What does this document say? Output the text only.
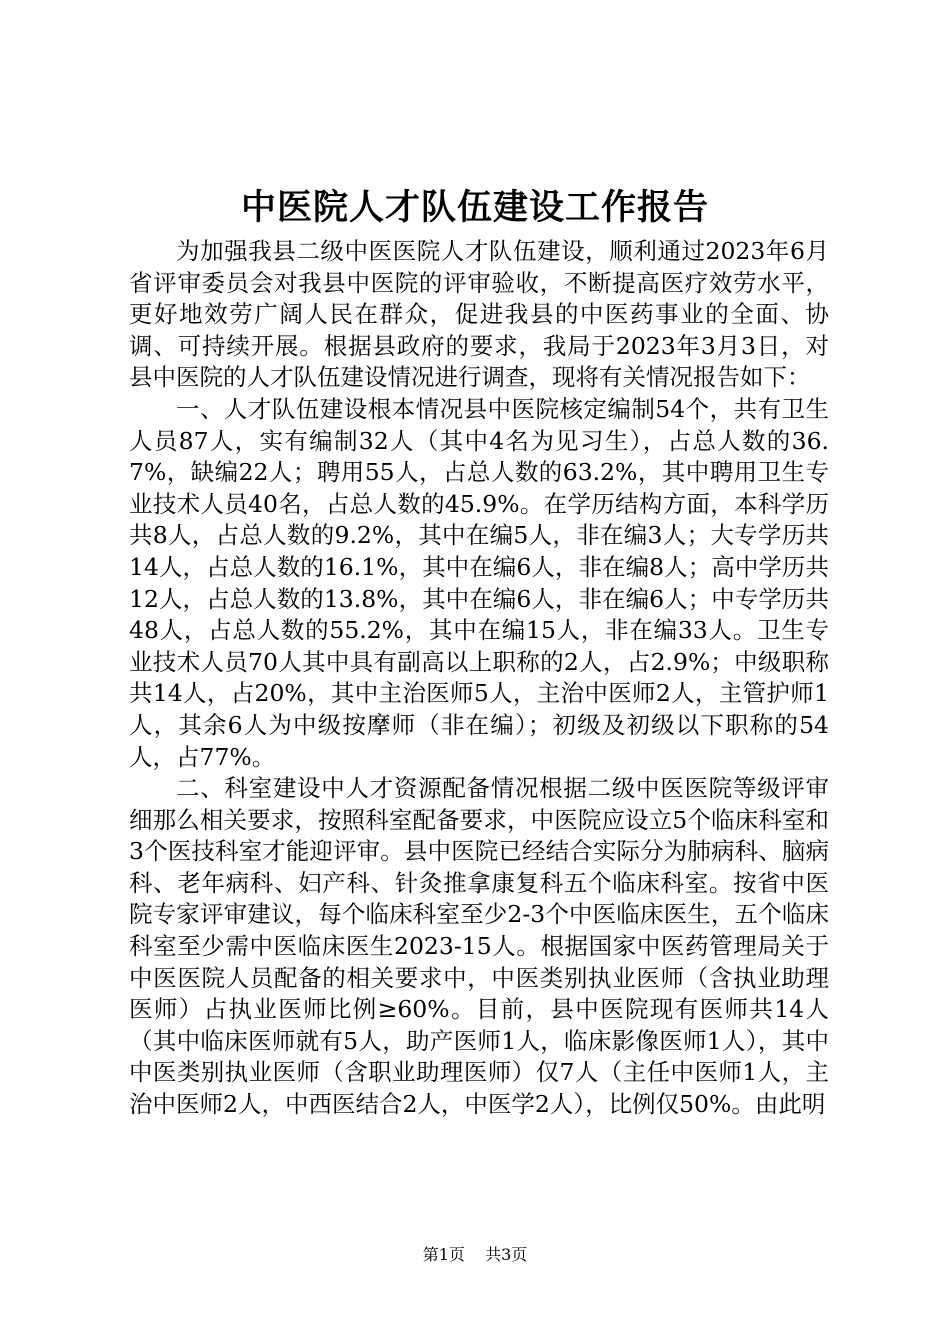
中医院人才队伍建设工作报告

为加强我县二级中医医院人才队伍建设，顺利通过2023年6月省评审委员会对我县中医院的评审验收，不断提高医疗效劳水平，更好地效劳广阔人民在群众，促进我县的中医药事业的全面、协调、可持续开展。根据县政府的要求，我局于2023年3月3日，对县中医院的人才队伍建设情况进行调查，现将有关情况报告如下：

一、人才队伍建设根本情况县中医院核定编制54个，共有卫生人员87人，实有编制32人（其中4名为见习生），占总人数的36.7%，缺编22人；聘用55人，占总人数的63.2%，其中聘用卫生专业技术人员40名，占总人数的45.9%。在学历结构方面，本科学历共8人，占总人数的9.2%，其中在编5人，非在编3人；大专学历共14人，占总人数的16.1%，其中在编6人，非在编8人；高中学历共12人，占总人数的13.8%，其中在编6人，非在编6人；中专学历共48人，占总人数的55.2%，其中在编15人，非在编33人。卫生专业技术人员70人其中具有副高以上职称的2人，占2.9%；中级职称共14人，占20%，其中主治医师5人，主治中医师2人，主管护师1人，其余6人为中级按摩师（非在编）；初级及初级以下职称的54人，占77%。

二、科室建设中人才资源配备情况根据二级中医医院等级评审细那么相关要求，按照科室配备要求，中医院应设立5个临床科室和3个医技科室才能迎评审。县中医院已经结合实际分为肺病科、脑病科、老年病科、妇产科、针灸推拿康复科五个临床科室。按省中医院专家评审建议，每个临床科室至少2-3个中医临床医生，五个临床科室至少需中医临床医生2023-15人。根据国家中医药管理局关于中医医院人员配备的相关要求中，中医类别执业医师（含执业助理医师）占执业医师比例≥60%。目前，县中医院现有医师共14人（其中临床医师就有5人，助产医师1人，临床影像医师1人），其中中医类别执业医师（含职业助理医师）仅7人（主任中医师1人，主治中医师2人，中西医结合2人，中医学2人），比例仅50%。由此明

第1页 共3页
